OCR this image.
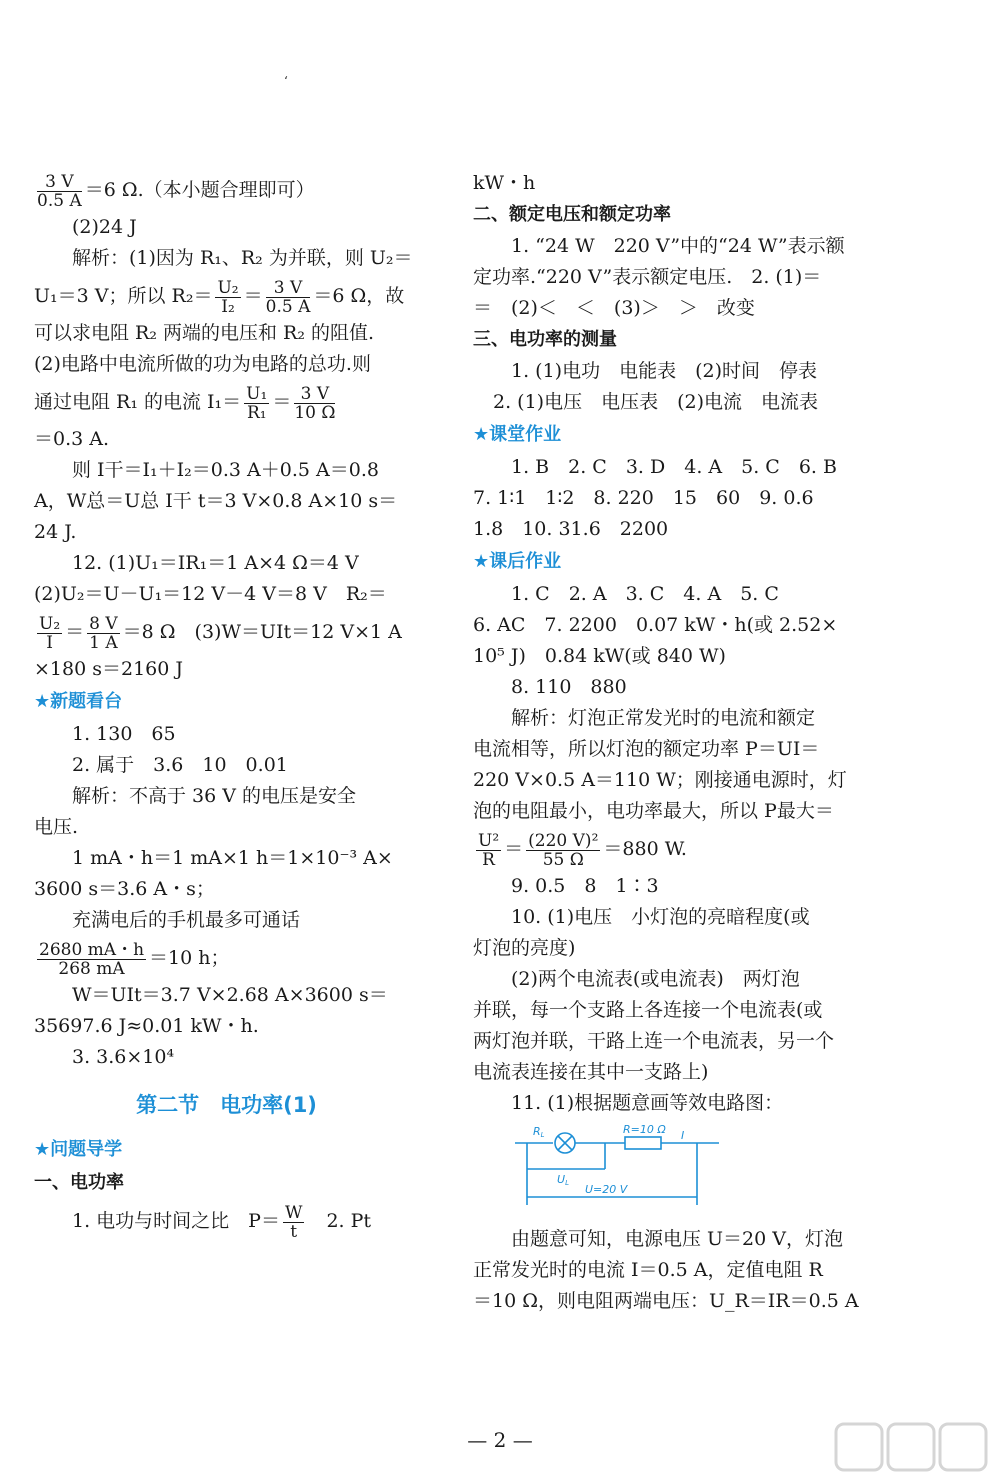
‘
$\frac{3 V}{0.5 A} =6$ Ω.（本小题合理即可）
(2)24 J
解析：(1)因为 R₁、R₂ 为并联，则 U₂＝
U₁＝3 V；所以 $R_2= \frac{\text{U₂}}{\text{I₂}} = \frac{3 V}{0.5 A} =6$ Ω，故
可以求电阻 R₂ 两端的电压和 R₂ 的阻值.
(2)电路中电流所做的功为电路的总功.则
通过电阻 R₁ 的电流 $I_1= \frac{\text{U₁}}{\text{R₁}} = \frac{3 V}{10 \Omega}$
＝0.3 A.
则 I干＝I₁＋I₂＝0.3 A＋0.5 A＝0.8
A，W总＝U总 I干 t＝3 V×0.8 A×10 s＝
24 J.
12. (1)U₁＝IR₁＝1 A×4 Ω＝4 V
(2)U₂＝U－U₁＝12 V－4 V＝8 V　R₂＝
$\frac{\text{U₂}}{I} = \frac{8 V}{1 A} =8$ Ω　(3)W＝UIt＝12 V×1 A
×180 s＝2160 J
★新题看台
1. 130　65
2. 属于　3.6　10　0.01
解析：不高于 36 V 的电压是安全
电压.
1 mA・h＝1 mA×1 h＝1×10⁻³ A×
3600 s＝3.6 A・s；
充满电后的手机最多可通话
$\frac{2680 mA・h}{268 mA} =10$ h；
W＝UIt＝3.7 V×2.68 A×3600 s＝
35697.6 J≈0.01 kW・h.
3. 3.6×10⁴
第二节　电功率(1)
★问题导学
一、电功率
1. 电功与时间之比　$P= \frac{W}{t}$ 　2. Pt
kW・h
二、额定电压和额定功率
1. “24 W　220 V”中的“24 W”表示额
定功率.“220 V”表示额定电压.　2. (1)＝
＝　(2)＜　＜　(3)＞　＞　改变
三、电功率的测量
1. (1)电功　电能表　(2)时间　停表
2. (1)电压　电压表　(2)电流　电流表
★课堂作业
1. B　2. C　3. D　4. A　5. C　6. B
7. 1∶1　1∶2　8. 220　15　60　9. 0.6
1.8　10. 31.6　2200
★课后作业
1. C　2. A　3. C　4. A　5. C
6. AC　7. 2200　0.07 kW・h(或 2.52×
10⁵ J)　0.84 kW(或 840 W)
8. 110　880
解析：灯泡正常发光时的电流和额定
电流相等，所以灯泡的额定功率 P＝UI＝
220 V×0.5 A＝110 W；刚接通电源时，灯
泡的电阻最小，电功率最大，所以 P最大＝
$\frac{\text{U²}}{R} = \frac{\text{(220 V)²}}{55 \Omega} =880$ W.
9. 0.5　8　1∶3
10. (1)电压　小灯泡的亮暗程度(或
灯泡的亮度)
(2)两个电流表(或电流表)　两灯泡
并联，每一个支路上各连接一个电流表(或
两灯泡并联，干路上连一个电流表，另一个
电流表连接在其中一支路上)
11. (1)根据题意画等效电路图：
RL	R=10 Ω I
UL U=20 V
由题意可知，电源电压 U＝20 V，灯泡
正常发光时的电流 I＝0.5 A，定值电阻 R
＝10 Ω，则电阻两端电压：U_R＝IR＝0.5 A
— 2 —
